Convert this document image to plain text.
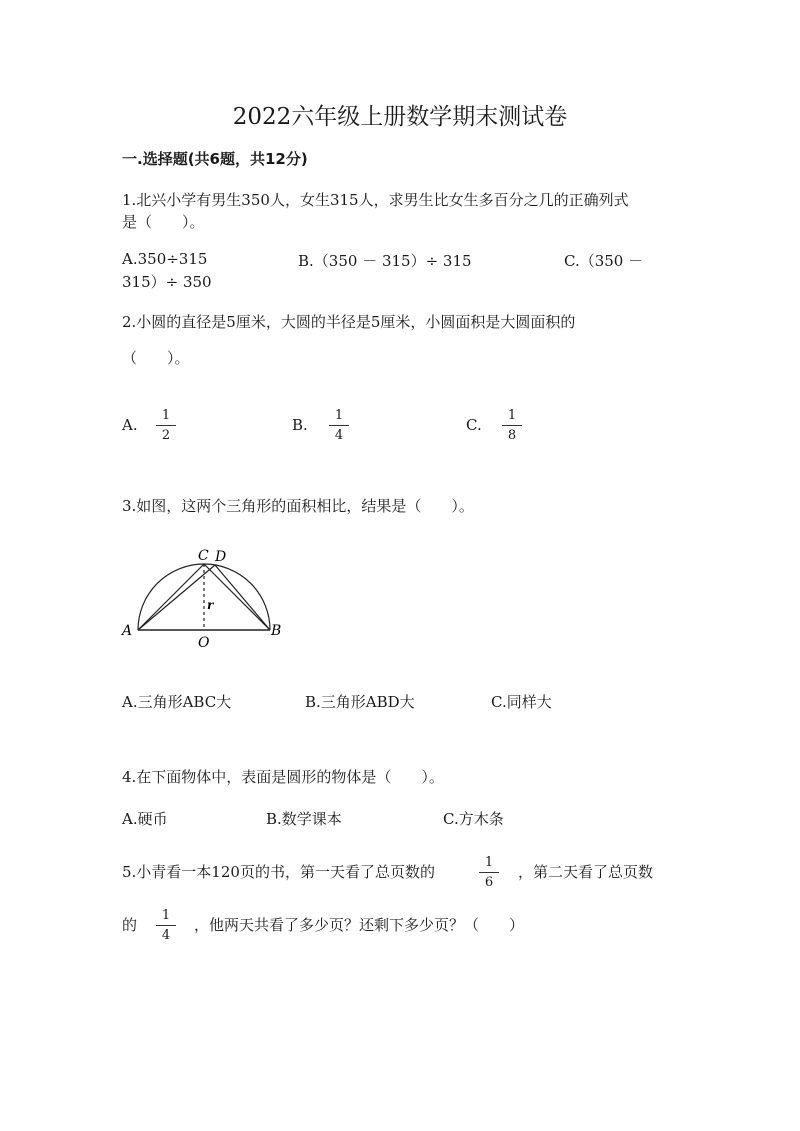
2022六年级上册数学期末测试卷
一.选择题(共6题，共12分)
1.北兴小学有男生350人，女生315人，求男生比女生多百分之几的正确列式
是（　　）。
A.350÷315	B.（350 － 315）÷ 315	C.（350 －
315）÷ 350
2.小圆的直径是5厘米，大圆的半径是5厘米，小圆面积是大圆面积的
（　　）。
A.
1
2
B.
1
4
C.
1
8
3.如图，这两个三角形的面积相比，结果是（　　）。
C D
A	B
O
r
A.三角形ABC大	B.三角形ABD大	C.同样大
4.在下面物体中，表面是圆形的物体是（　　）。
A.硬币	B.数学课本	C.方木条
5.小青看一本120页的书，第一天看了总页数的
1
6
，第二天看了总页数
的
1
4
，他两天共看了多少页？还剩下多少页？（　　）
